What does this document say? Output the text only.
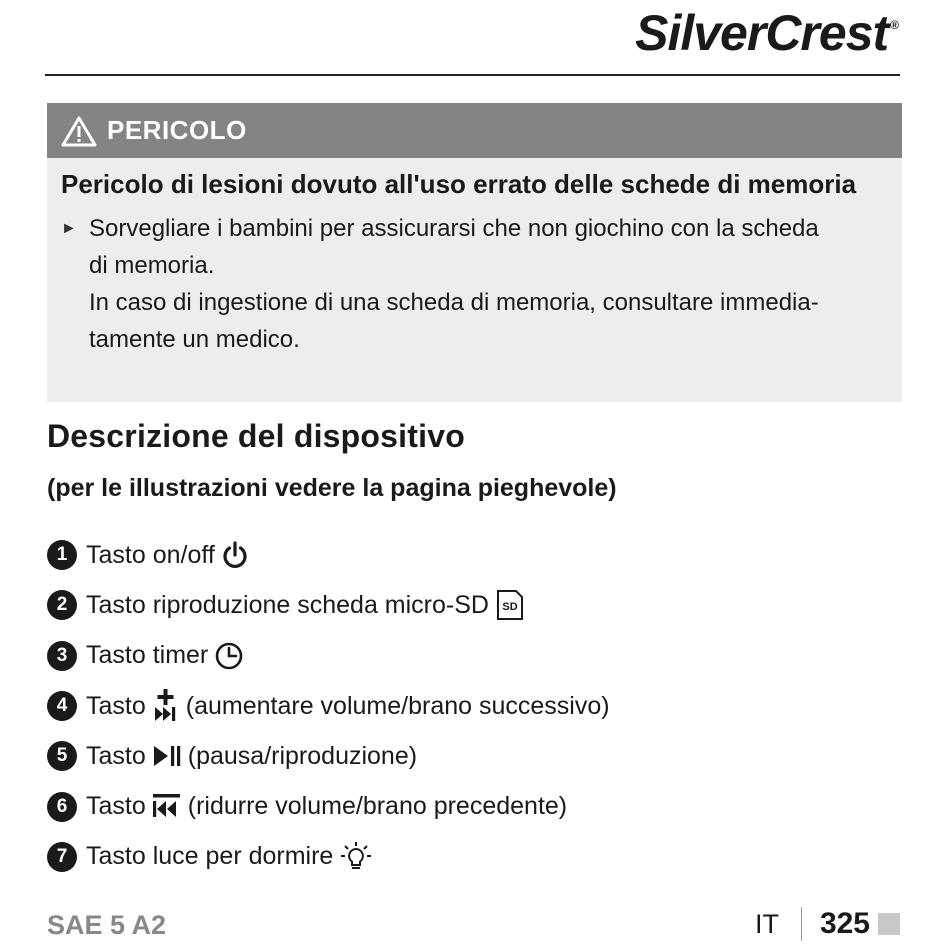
SilverCrest ®
PERICOLO

Pericolo di lesioni dovuto all'uso errato delle schede di memoria

► Sorvegliare i bambini per assicurarsi che non giochino con la scheda
di memoria.
In caso di ingestione di una scheda di memoria, consultare immedia-
tamente un medico.
Descrizione del dispositivo

(per le illustrazioni vedere la pagina pieghevole)

1 Tasto on/off
2 Tasto riproduzione scheda micro-SD SD
3 Tasto timer
4 Tasto (aumentare volume/brano successivo)
5 Tasto (pausa/riproduzione)
6 Tasto (ridurre volume/brano precedente)
7 Tasto luce per dormire

SAE 5 A2	IT 325
